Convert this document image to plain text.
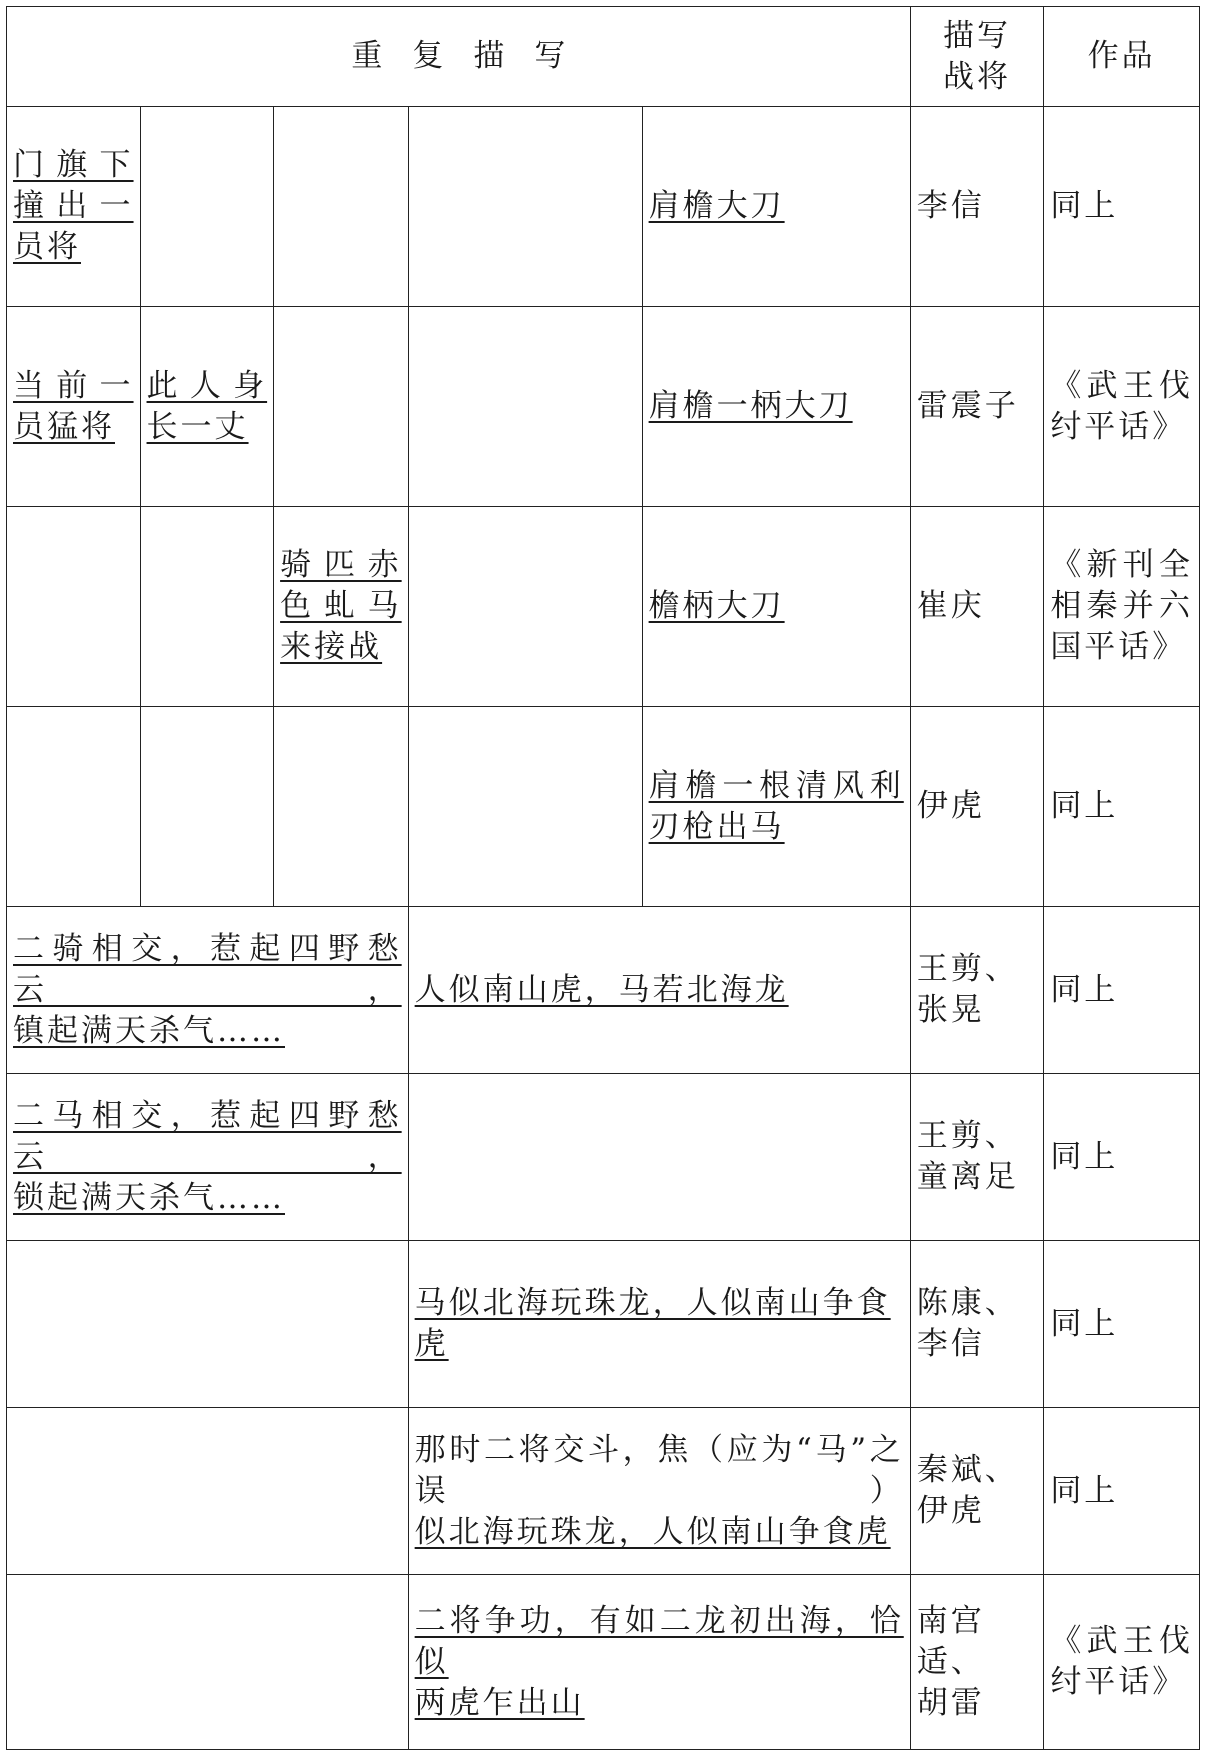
重复描写					描写
战将	作品

门旗下
撞出一
员将				肩檐大刀	李信	同上

当前一
员猛将	此人身
长一丈			肩檐一柄大刀	雷震子	《武王伐
纣平话》

		骑匹赤
色虬马
来接战		檐柄大刀	崔庆	《新刊全
相秦并六
国平话》

				肩檐一根清风利
刃枪出马	伊虎	同上

二骑相交，惹起四野愁云，
镇起满天杀气……			人似南山虎，马若北海龙		王剪、
张晃	同上

二马相交，惹起四野愁云，
锁起满天杀气……					王剪、
童离足	同上
			马似北海玩珠龙，人似南山争食虎		陈康、
李信	同上

			那时二将交斗，焦（应为“马”之误）
似北海玩珠龙，人似南山争食虎		秦斌、
伊虎	同上

			二将争功，有如二龙初出海，恰似
两虎乍出山		南宫适、
胡雷	《武王伐
纣平话》
